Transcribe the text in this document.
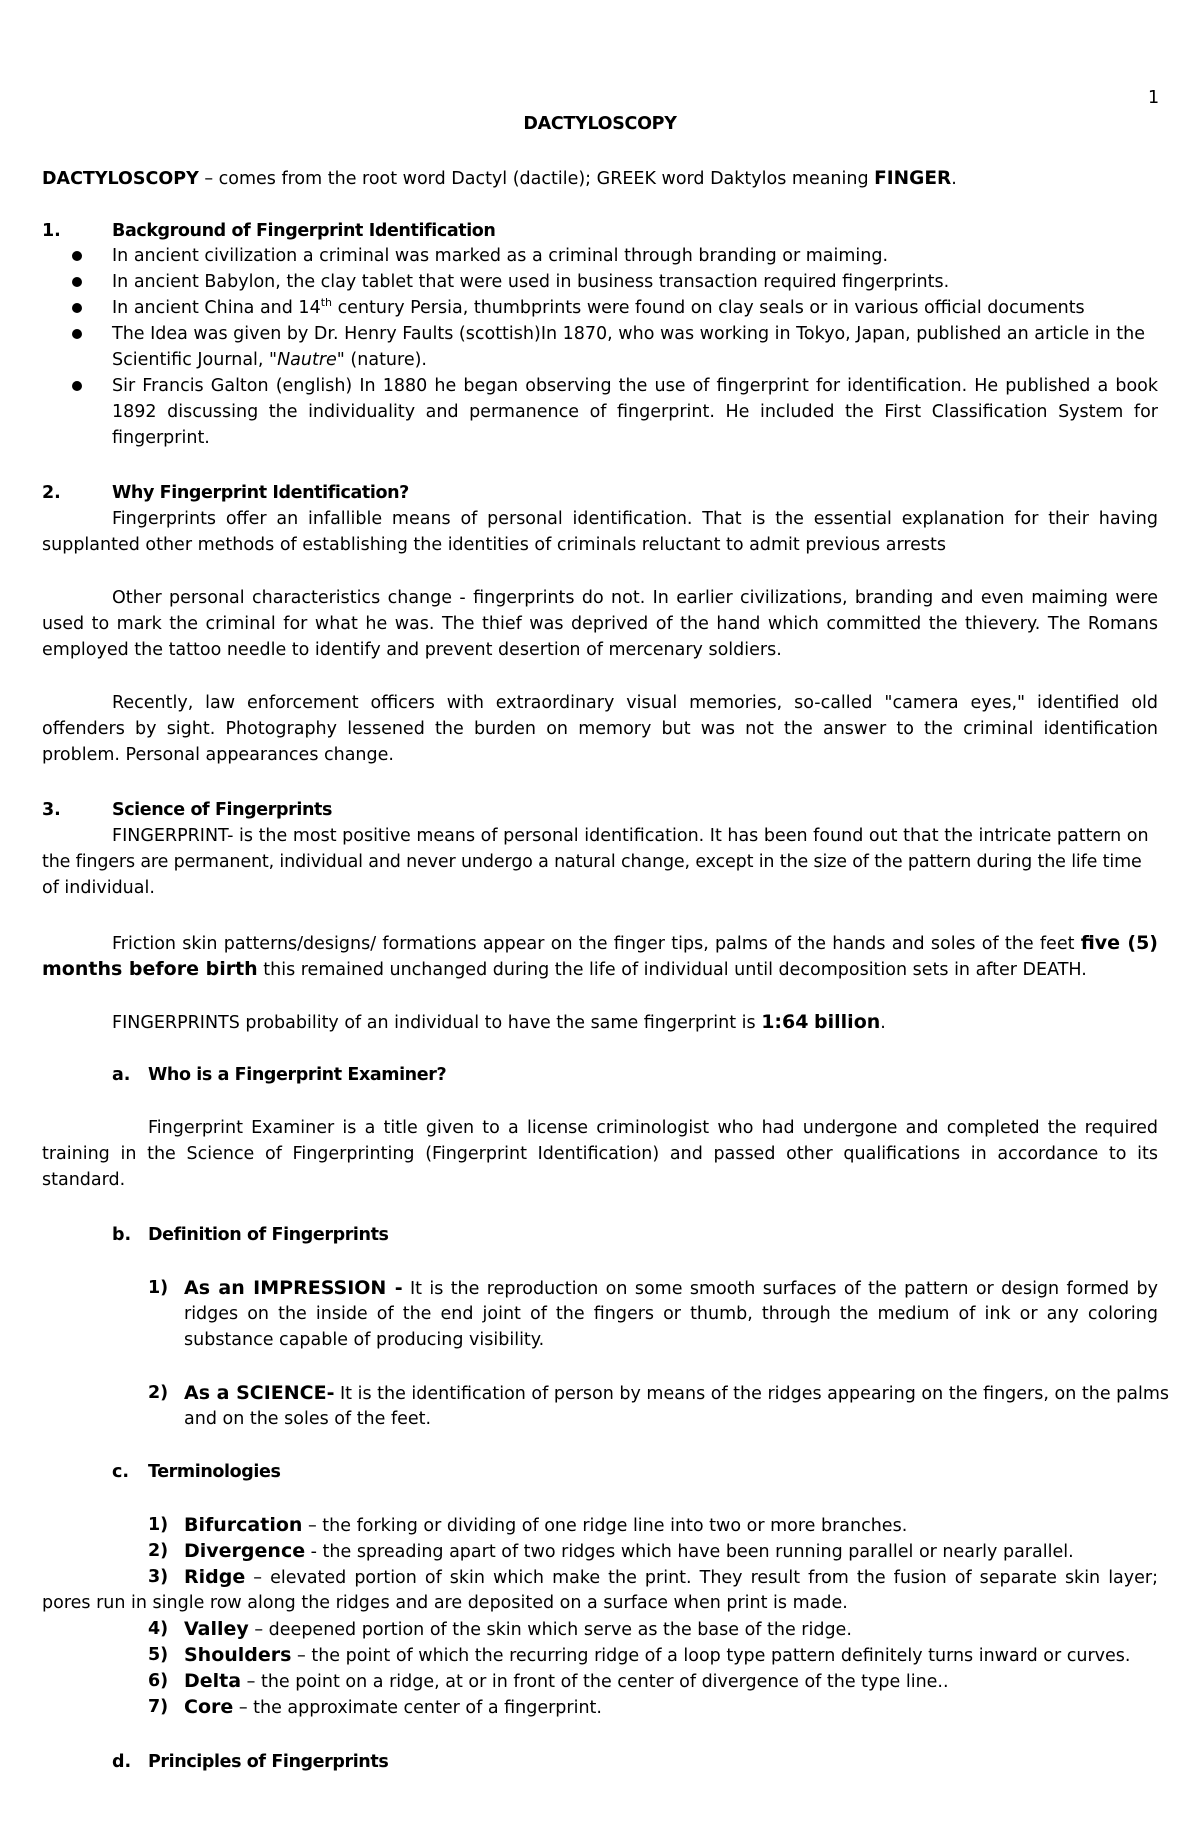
1
DACTYLOSCOPY
DACTYLOSCOPY – comes from the root word Dactyl (dactile); GREEK word Daktylos meaning FINGER.
1.	Background of Fingerprint Identification
In ancient civilization a criminal was marked as a criminal through branding or maiming.
In ancient Babylon, the clay tablet that were used in business transaction required fingerprints.
In ancient China and 14th century Persia, thumbprints were found on clay seals or in various official documents
The Idea was given by Dr. Henry Faults (scottish)In 1870, who was working in Tokyo, Japan, published an article in the
Scientific Journal, "Nautre" (nature).
Sir Francis Galton (english) In 1880 he began observing the use of fingerprint for identification. He published a book
1892 discussing the individuality and permanence of fingerprint. He included the First Classification System for
fingerprint.
2.	Why Fingerprint Identification?
Fingerprints offer an infallible means of personal identification. That is the essential explanation for their having
supplanted other methods of establishing the identities of criminals reluctant to admit previous arrests
Other personal characteristics change - fingerprints do not. In earlier civilizations, branding and even maiming were
used to mark the criminal for what he was. The thief was deprived of the hand which committed the thievery. The Romans
employed the tattoo needle to identify and prevent desertion of mercenary soldiers.
Recently, law enforcement officers with extraordinary visual memories, so-called "camera eyes," identified old
offenders by sight. Photography lessened the burden on memory but was not the answer to the criminal identification
problem. Personal appearances change.
3.	Science of Fingerprints
FINGERPRINT- is the most positive means of personal identification. It has been found out that the intricate pattern on
the fingers are permanent, individual and never undergo a natural change, except in the size of the pattern during the life time
of individual.
Friction skin patterns/designs/ formations appear on the finger tips, palms of the hands and soles of the feet five (5)
months before birth this remained unchanged during the life of individual until decomposition sets in after DEATH.
FINGERPRINTS probability of an individual to have the same fingerprint is 1:64 billion.
a. Who is a Fingerprint Examiner?
Fingerprint Examiner is a title given to a license criminologist who had undergone and completed the required
training in the Science of Fingerprinting (Fingerprint Identification) and passed other qualifications in accordance to its
standard.
b. Definition of Fingerprints
1) As an IMPRESSION - It is the reproduction on some smooth surfaces of the pattern or design formed by
ridges on the inside of the end joint of the fingers or thumb, through the medium of ink or any coloring
substance capable of producing visibility.
2) As a SCIENCE- It is the identification of person by means of the ridges appearing on the fingers, on the palms
and on the soles of the feet.
c. Terminologies
1) Bifurcation – the forking or dividing of one ridge line into two or more branches.
2) Divergence - the spreading apart of two ridges which have been running parallel or nearly parallel.
3) Ridge – elevated portion of skin which make the print. They result from the fusion of separate skin layer;
pores run in single row along the ridges and are deposited on a surface when print is made.
4) Valley – deepened portion of the skin which serve as the base of the ridge.
5) Shoulders – the point of which the recurring ridge of a loop type pattern definitely turns inward or curves.
6) Delta – the point on a ridge, at or in front of the center of divergence of the type line..
7) Core – the approximate center of a fingerprint.
d. Principles of Fingerprints
